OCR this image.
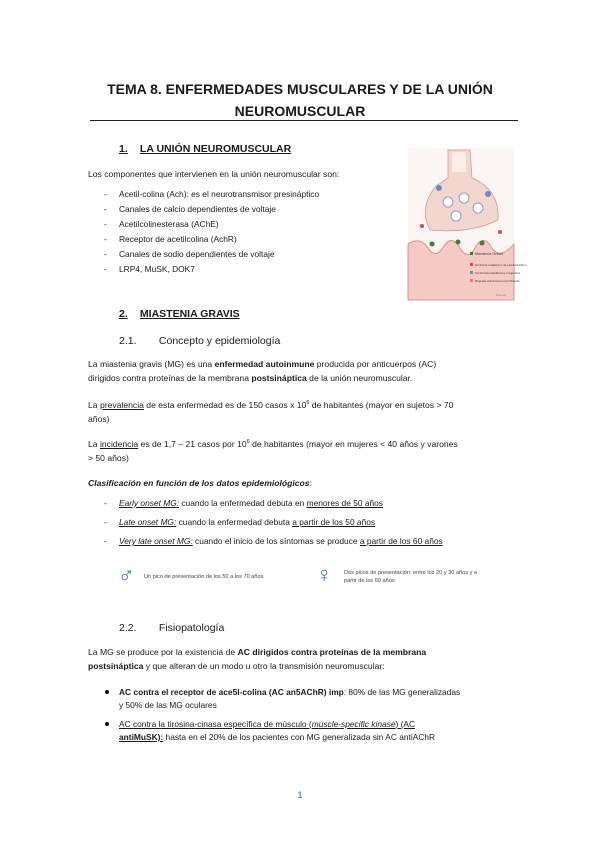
TEMA 8. ENFERMEDADES MUSCULARES Y DE LA UNIÓN
NEUROMUSCULAR
1. LA UNIÓN NEUROMUSCULAR
Los componentes que intervienen en la unión neuromuscular son:
- Acetil-colina (Ach): es el neurotransmisor presináptico
- Canales de calcio dependientes de voltaje
- Acetilcolinesterasa (AChE)
- Receptor de acetilcolina (AchR)
- Canales de sodio dependientes de voltaje
- LRP4, MuSK, DOK7
Miastenia Gravis
Síndrome miasténico de Lambert-Eaton
Síndromes miasténicos congénitos
Miopatía autoinmune necrotizante
Elsevier
2. MIASTENIA GRAVIS
2.1. Concepto y epidemiología
La miastenia gravis (MG) es una enfermedad autoinmune producida por anticuerpos (AC)
dirigidos contra proteínas de la membrana postsináptica de la unión neuromuscular.
La prevalencia de esta enfermedad es de 150 casos x $10^6$ de habitantes (mayor en sujetos > 70
años)
La incidencia es de 1,7 – 21 casos por $10^6$ de habitantes (mayor en mujeres < 40 años y varones
> 50 años)
Clasificación en función de los datos epidemiológicos:
- Early onset MG: cuando la enfermedad debuta en menores de 50 años
- Late onset MG: cuando la enfermedad debuta a partir de los 50 años
- Very late onset MG: cuando el inicio de los síntomas se produce a partir de los 60 años
♂ Un pico de presentación de los 50 a los 70 años ♀ Dos picos de presentación: entre los 20 y 30 años y a
partir de los 60 años
2.2. Fisiopatología
La MG se produce por la existencia de AC dirigidos contra proteínas de la membrana
postsináptica y que alteran de un modo u otro la transmisión neuromuscular:
AC contra el receptor de ace5l-colina (AC an5AChR) imp: 80% de las MG generalizadas
y 50% de las MG oculares
AC contra la tirosina-cinasa específica de músculo (muscle-specific kinase) (AC
antiMuSK): hasta en el 20% de los pacientes con MG generalizada sin AC antiAChR
1
